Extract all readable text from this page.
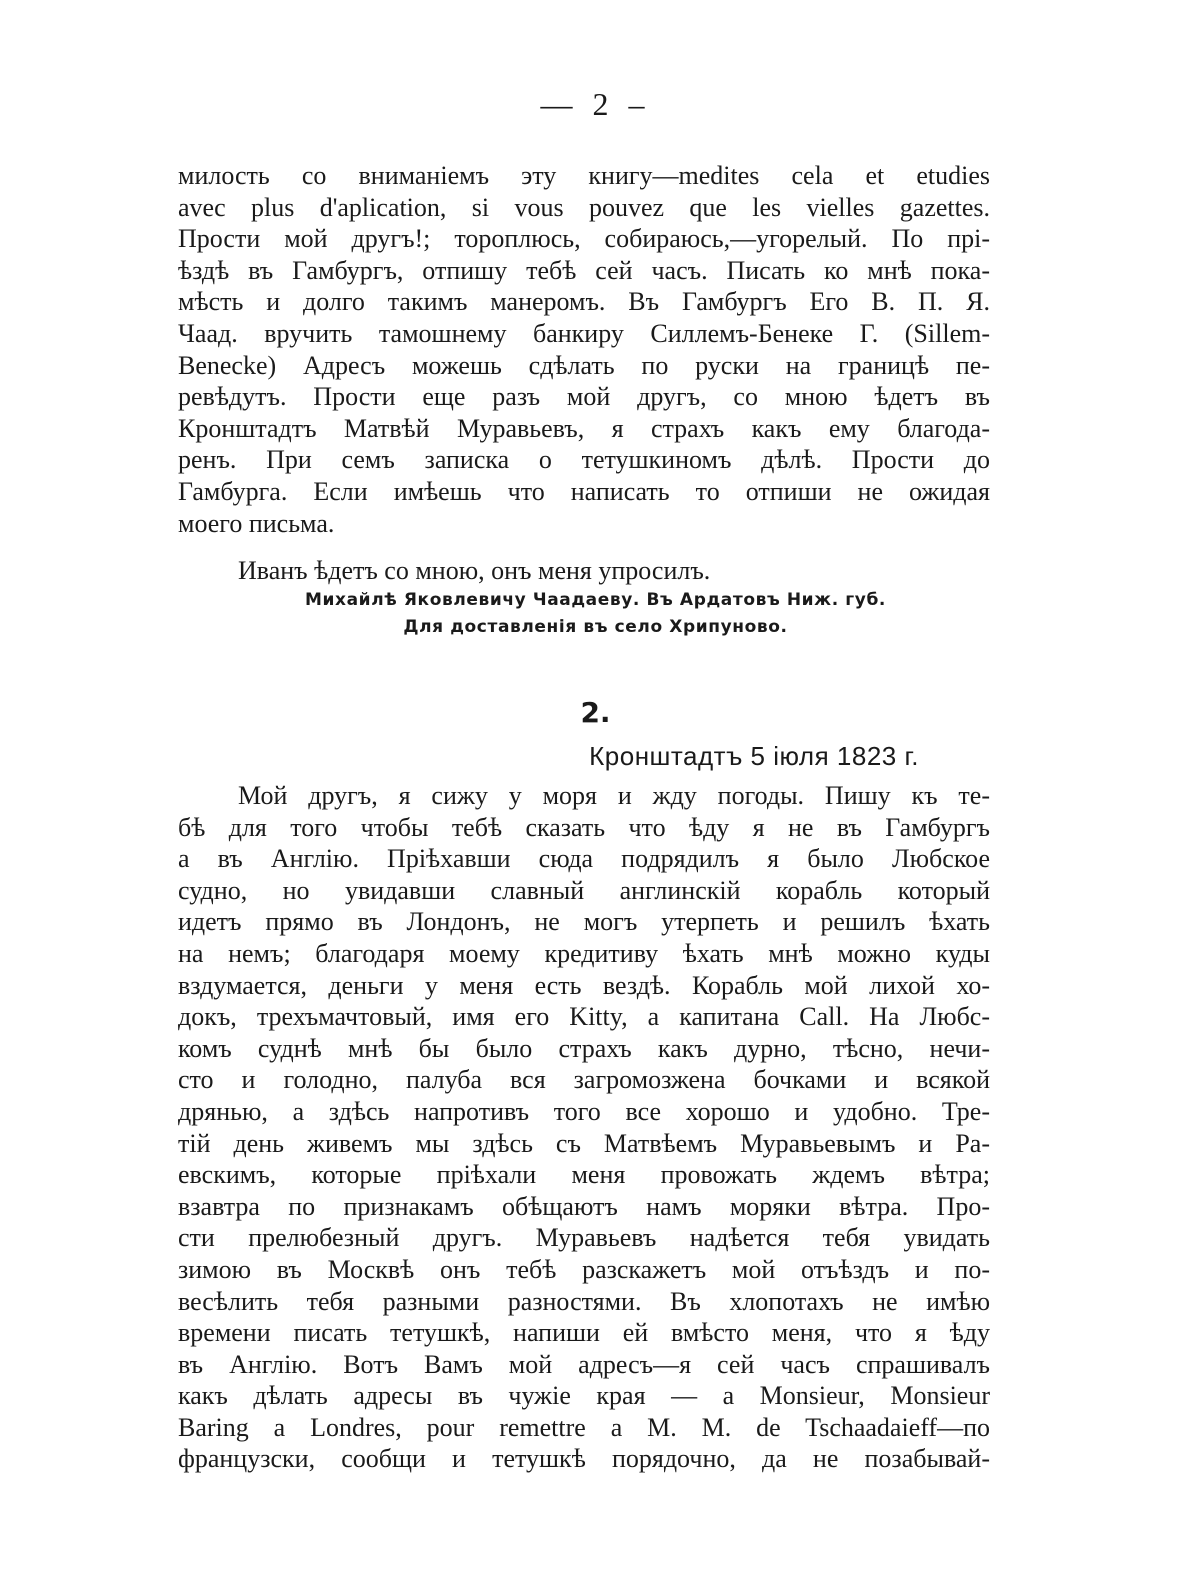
— 2 –
милость со вниманіемъ эту книгу—medites cela et etudies
avec plus d'aplication, si vous pouvez que les vielles gazettes.
Прости мой другъ!; тороплюсь, собираюсь,—угорелый. По прі-
ѣздѣ въ Гамбургъ, отпишу тебѣ сей часъ. Писать ко мнѣ пока-
мѣсть и долго такимъ манеромъ. Въ Гамбургъ Его В. П. Я.
Чаад. вручить тамошнему банкиру Силлемъ-Бенеке Г. (Sillem-
Benecke) Адресъ можешь сдѣлать по руски на границѣ пе-
ревѣдутъ. Прости еще разъ мой другъ, со мною ѣдетъ въ
Кронштадтъ Матвѣй Муравьевъ, я страхъ какъ ему благода-
ренъ. При семъ записка о тетушкиномъ дѣлѣ. Прости до
Гамбурга. Если имѣешь что написать то отпиши не ожидая
моего письма.
Иванъ ѣдетъ со мною, онъ меня упросилъ.
Михайлѣ Яковлевичу Чаадаеву. Въ Ардатовъ Ниж. губ.
Для доставленія въ село Хрипуново.
2.
Кронштадтъ 5 іюля 1823 г.
Мой другъ, я сижу у моря и жду погоды. Пишу къ те-
бѣ для того чтобы тебѣ сказать что ѣду я не въ Гамбургъ
а въ Англію. Пріѣхавши сюда подрядилъ я было Любское
судно, но увидавши славный англинскій корабль который
идетъ прямо въ Лондонъ, не могъ утерпеть и решилъ ѣхать
на немъ; благодаря моему кредитиву ѣхать мнѣ можно куды
вздумается, деньги у меня есть вездѣ. Корабль мой лихой хо-
докъ, трехъмачтовый, имя его Kitty, а капитана Call. На Любс-
комъ суднѣ мнѣ бы было страхъ какъ дурно, тѣсно, нечи-
сто и голодно, палуба вся загромозжена бочками и всякой
дрянью, а здѣсь напротивъ того все хорошо и удобно. Тре-
тій день живемъ мы здѣсь съ Матвѣемъ Муравьевымъ и Ра-
евскимъ, которые пріѣхали меня провожать ждемъ вѣтра;
взавтра по признакамъ обѣщаютъ намъ моряки вѣтра. Про-
сти прелюбезный другъ. Муравьевъ надѣется тебя увидать
зимою въ Москвѣ онъ тебѣ разскажетъ мой отъѣздъ и по-
весѣлить тебя разными разностями. Въ хлопотахъ не имѣю
времени писать тетушкѣ, напиши ей вмѣсто меня, что я ѣду
въ Англію. Вотъ Вамъ мой адресъ—я сей часъ спрашивалъ
какъ дѣлать адресы въ чужіе края — a Monsieur, Monsieur
Baring a Londres, pour remettre a M. M. de Tschaadaieff—по
французски, сообщи и тетушкѣ порядочно, да не позабывай-
